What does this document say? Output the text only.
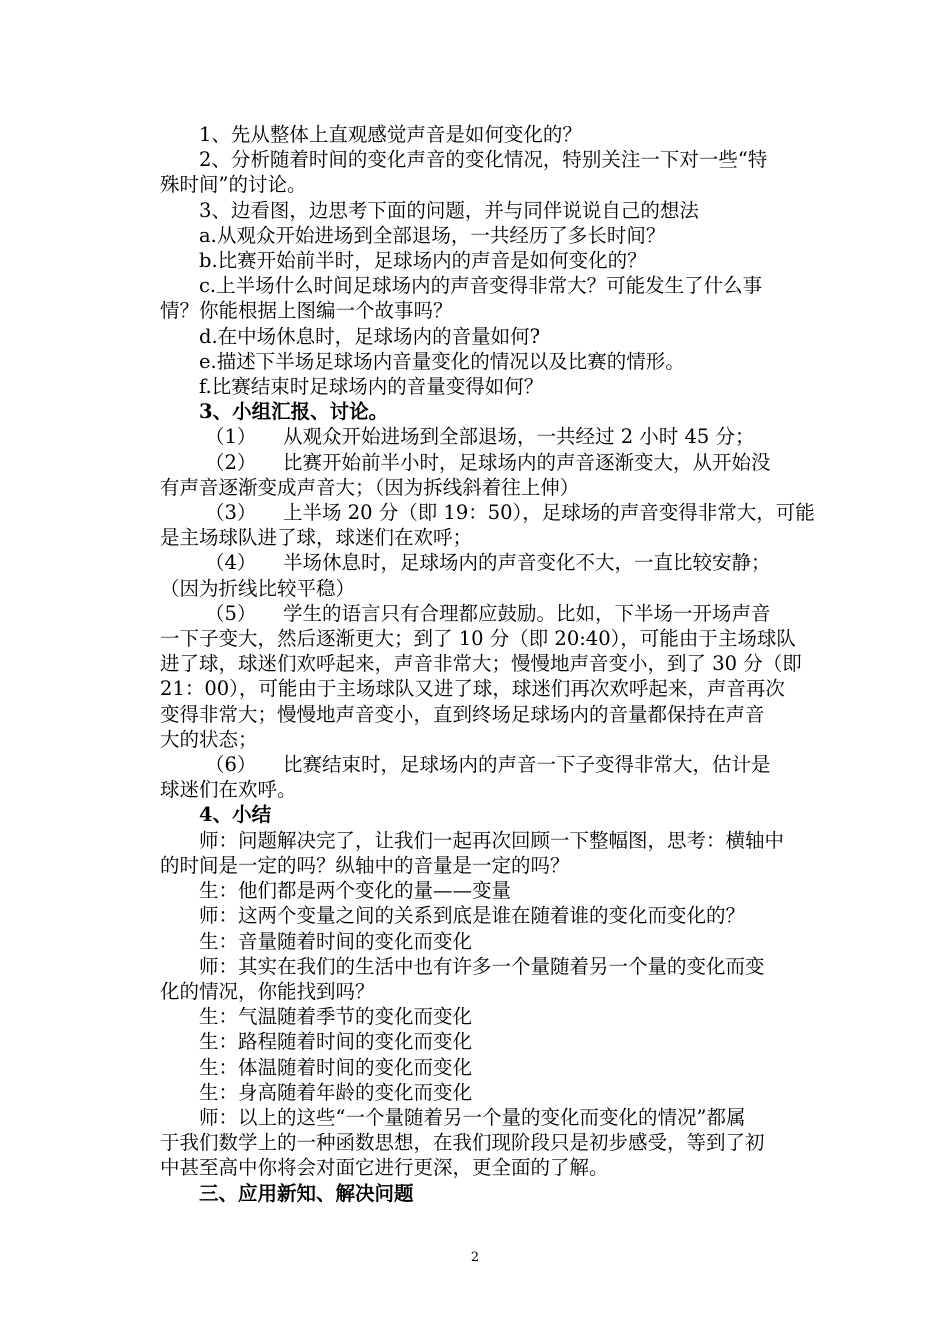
1、先从整体上直观感觉声音是如何变化的？
2、分析随着时间的变化声音的变化情况，特别关注一下对一些“特
殊时间”的讨论。
3、边看图，边思考下面的问题，并与同伴说说自己的想法
a.从观众开始进场到全部退场，一共经历了多长时间？
b.比赛开始前半时，足球场内的声音是如何变化的？
c.上半场什么时间足球场内的声音变得非常大？可能发生了什么事
情？你能根据上图编一个故事吗？
d.在中场休息时，足球场内的音量如何?
e.描述下半场足球场内音量变化的情况以及比赛的情形。
f.比赛结束时足球场内的音量变得如何？
3、小组汇报、讨论。
（1） 从观众开始进场到全部退场，一共经过 2 小时 45 分；
（2） 比赛开始前半小时，足球场内的声音逐渐变大，从开始没
有声音逐渐变成声音大；（因为拆线斜着往上伸）
（3） 上半场 20 分（即 19：50），足球场的声音变得非常大，可能
是主场球队进了球，球迷们在欢呼；
（4） 半场休息时，足球场内的声音变化不大，一直比较安静；
（因为折线比较平稳）
（5） 学生的语言只有合理都应鼓励。比如，下半场一开场声音
一下子变大，然后逐渐更大；到了 10 分（即 20:40），可能由于主场球队
进了球，球迷们欢呼起来，声音非常大；慢慢地声音变小，到了 30 分（即
21：00），可能由于主场球队又进了球，球迷们再次欢呼起来，声音再次
变得非常大；慢慢地声音变小，直到终场足球场内的音量都保持在声音
大的状态；
（6） 比赛结束时，足球场内的声音一下子变得非常大，估计是
球迷们在欢呼。
4、小结
师：问题解决完了，让我们一起再次回顾一下整幅图，思考：横轴中
的时间是一定的吗？纵轴中的音量是一定的吗？
生：他们都是两个变化的量——变量
师：这两个变量之间的关系到底是谁在随着谁的变化而变化的？
生：音量随着时间的变化而变化
师：其实在我们的生活中也有许多一个量随着另一个量的变化而变
化的情况，你能找到吗？
生：气温随着季节的变化而变化
生：路程随着时间的变化而变化
生：体温随着时间的变化而变化
生：身高随着年龄的变化而变化
师：以上的这些“一个量随着另一个量的变化而变化的情况”都属
于我们数学上的一种函数思想，在我们现阶段只是初步感受，等到了初
中甚至高中你将会对面它进行更深，更全面的了解。
三、应用新知、解决问题
2
